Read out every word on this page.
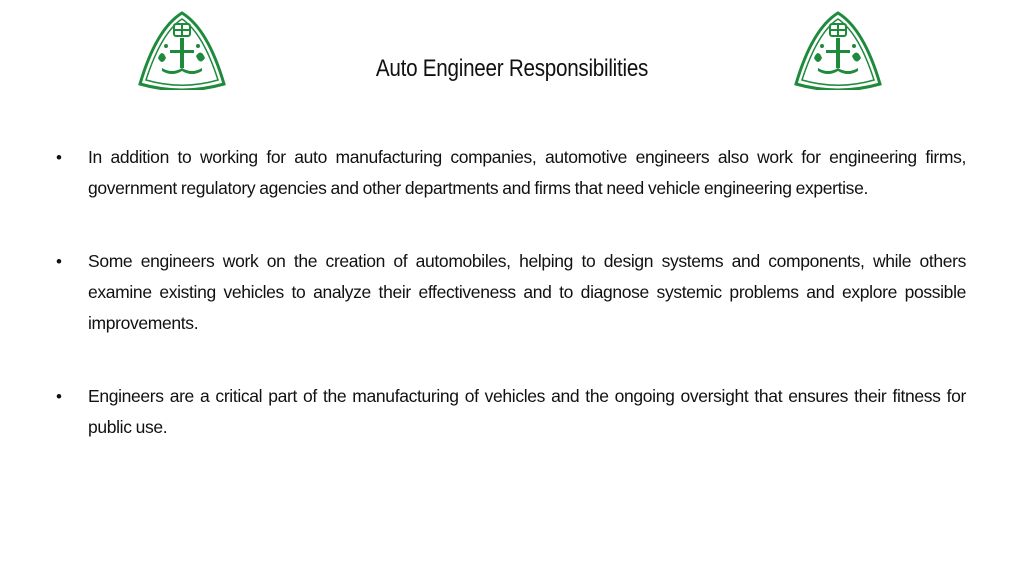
Auto Engineer Responsibilities
• In addition to working for auto manufacturing companies, automotive engineers also work for engineering firms, government regulatory agencies and other departments and firms that need vehicle engineering expertise.
• Some engineers work on the creation of automobiles, helping to design systems and components, while others examine existing vehicles to analyze their effectiveness and to diagnose systemic problems and explore possible improvements.
• Engineers are a critical part of the manufacturing of vehicles and the ongoing oversight that ensures their fitness for public use.
